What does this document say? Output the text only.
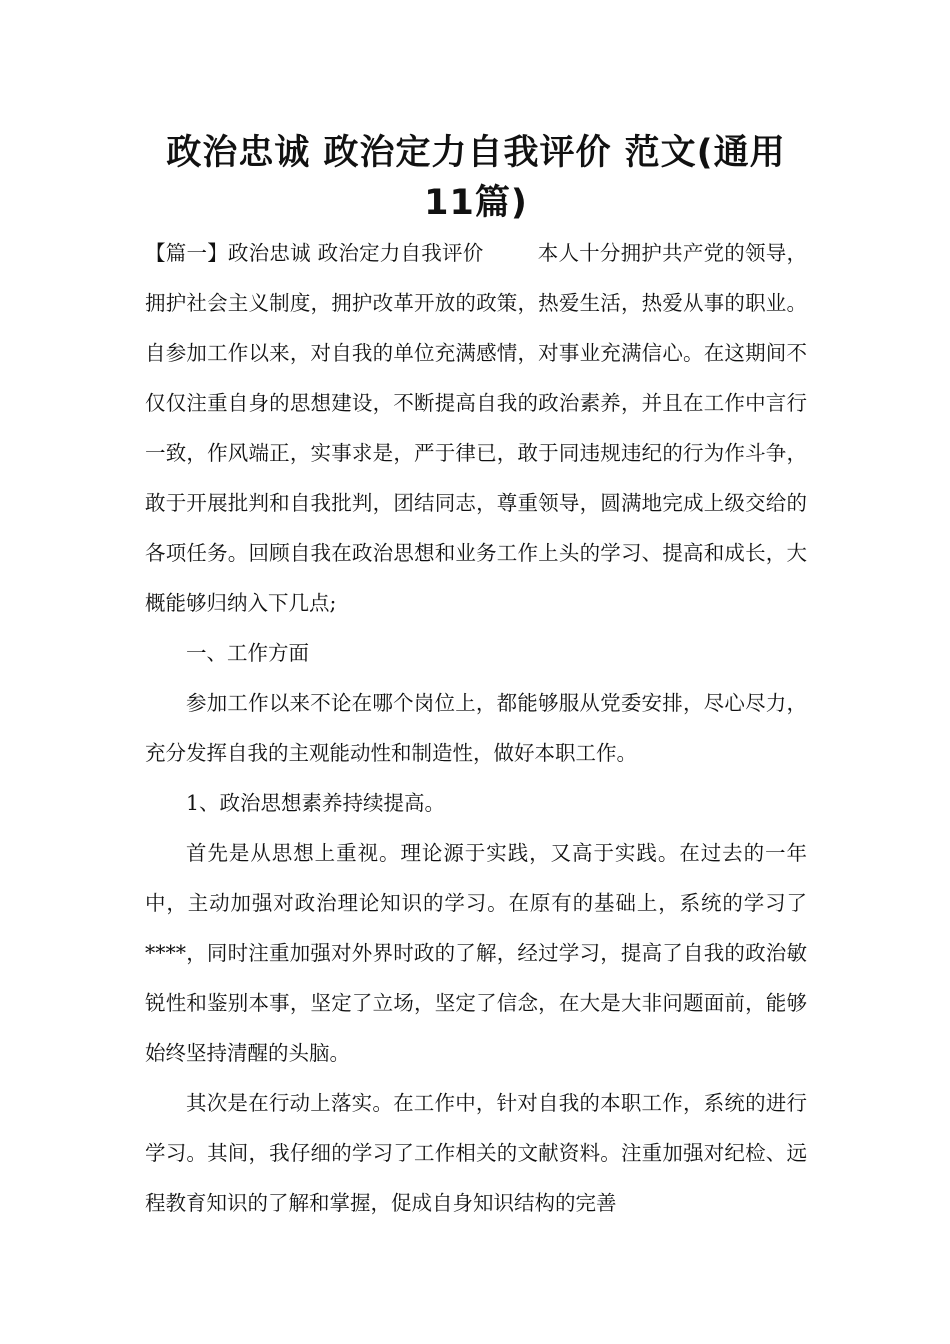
政治忠诚 政治定力自我评价 范文(通用11篇)

【篇一】政治忠诚 政治定力自我评价	本人十分拥护共产党的领导，拥护社会主义制度，拥护改革开放的政策，热爱生活，热爱从事的职业。自参加工作以来，对自我的单位充满感情，对事业充满信心。在这期间不仅仅注重自身的思想建设，不断提高自我的政治素养，并且在工作中言行一致，作风端正，实事求是，严于律已，敢于同违规违纪的行为作斗争，敢于开展批判和自我批判，团结同志，尊重领导，圆满地完成上级交给的各项任务。回顾自我在政治思想和业务工作上头的学习、提高和成长，大概能够归纳入下几点;

一、工作方面

参加工作以来不论在哪个岗位上，都能够服从党委安排，尽心尽力，充分发挥自我的主观能动性和制造性，做好本职工作。

1、政治思想素养持续提高。

首先是从思想上重视。理论源于实践，又高于实践。在过去的一年中，主动加强对政治理论知识的学习。在原有的基础上，系统的学习了****，同时注重加强对外界时政的了解，经过学习，提高了自我的政治敏锐性和鉴别本事，坚定了立场，坚定了信念，在大是大非问题面前，能够始终坚持清醒的头脑。

其次是在行动上落实。在工作中，针对自我的本职工作，系统的进行学习。其间，我仔细的学习了工作相关的文献资料。注重加强对纪检、远程教育知识的了解和掌握，促成自身知识结构的完善
